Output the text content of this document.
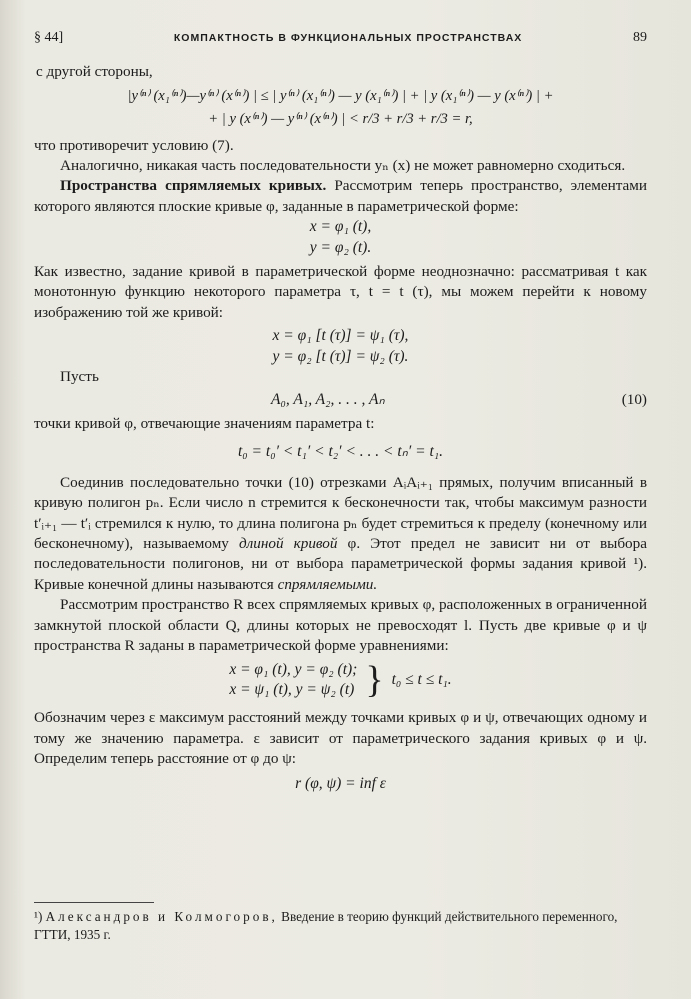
§ 44]	КОМПАКТНОСТЬ В ФУНКЦИОНАЛЬНЫХ ПРОСТРАНСТВАХ	89

с другой стороны,

|y⁽ⁿ⁾ (x₁⁽ⁿ⁾)—y⁽ⁿ⁾ (x⁽ⁿ⁾) | ≤ | y⁽ⁿ⁾ (x₁⁽ⁿ⁾) — y (x₁⁽ⁿ⁾) | + | y (x₁⁽ⁿ⁾) — y (x⁽ⁿ⁾) | +
+ | y (x⁽ⁿ⁾) — y⁽ⁿ⁾ (x⁽ⁿ⁾) | < r/3 + r/3 + r/3 = r,

что противоречит условию (7).

Аналогично, никакая часть последовательности yₙ (x) не может равномерно сходиться.

Пространства спрямляемых кривых. Рассмотрим теперь пространство, элементами которого являются плоские кривые φ, заданные в параметрической форме:

x = φ₁ (t),
y = φ₂ (t).

Как известно, задание кривой в параметрической форме неоднозначно: рассматривая t как монотонную функцию некоторого параметра τ, t = t (τ), мы можем перейти к новому изображению той же кривой:

x = φ₁ [t (τ)] = ψ₁ (τ),
y = φ₂ [t (τ)] = ψ₂ (τ).

Пусть

A₀, A₁, A₂, . . . , Aₙ	(10)

точки кривой φ, отвечающие значениям параметра t:

t₀ = t₀′ < t₁′ < t₂′ < . . . < tₙ′ = t₁.

Соединив последовательно точки (10) отрезками AᵢAᵢ₊₁ прямых, получим вписанный в кривую полигон pₙ. Если число n стремится к бесконечности так, чтобы максимум разности t′ᵢ₊₁ — t′ᵢ стремился к нулю, то длина полигона pₙ будет стремиться к пределу (конечному или бесконечному), называемому длиной кривой φ. Этот предел не зависит ни от выбора последовательности полигонов, ни от выбора параметрической формы задания кривой ¹). Кривые конечной длины называются спрямляемыми.

Рассмотрим пространство R всех спрямляемых кривых φ, расположенных в ограниченной замкнутой плоской области Q, длины которых не превосходят l. Пусть две кривые φ и ψ пространства R заданы в параметрической форме уравнениями:

x = φ₁ (t), y = φ₂ (t);
x = ψ₁ (t), y = ψ₂ (t) } t₀ ≤ t ≤ t₁.

Обозначим через ε максимум расстояний между точками кривых φ и ψ, отвечающих одному и тому же значению параметра. ε зависит от параметрического задания кривых φ и ψ. Определим теперь расстояние от φ до ψ:

r (φ, ψ) = inf ε
¹) Александров и Колмогоров, Введение в теорию функций действительного переменного, ГТТИ, 1935 г.
